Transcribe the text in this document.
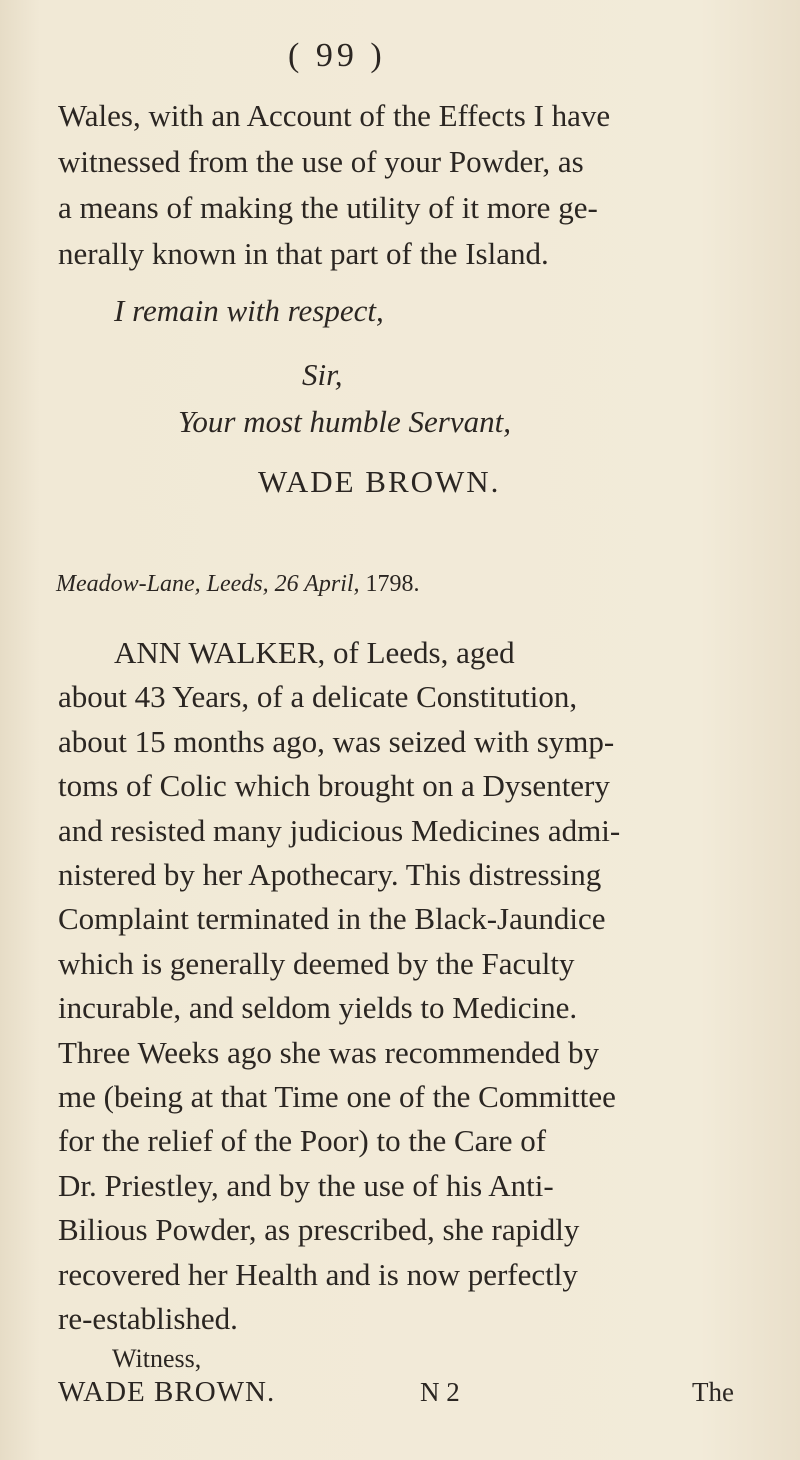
( 99 )
Wales, with an Account of the Effects I have
witnessed from the use of your Powder, as
a means of making the utility of it more ge-
nerally known in that part of the Island.
I remain with respect,
Sir,
Your most humble Servant,
WADE BROWN.
Meadow-Lane, Leeds, 26 April, 1798.
ANN WALKER, of Leeds, aged
about 43 Years, of a delicate Constitution,
about 15 months ago, was seized with symp-
toms of Colic which brought on a Dysentery
and resisted many judicious Medicines admi-
nistered by her Apothecary. This distressing
Complaint terminated in the Black-Jaundice
which is generally deemed by the Faculty
incurable, and seldom yields to Medicine.
Three Weeks ago she was recommended by
me (being at that Time one of the Committee
for the relief of the Poor) to the Care of
Dr. Priestley, and by the use of his Anti-
Bilious Powder, as prescribed, she rapidly
recovered her Health and is now perfectly
re-established.
Witness,
WADE BROWN.	N 2	The
